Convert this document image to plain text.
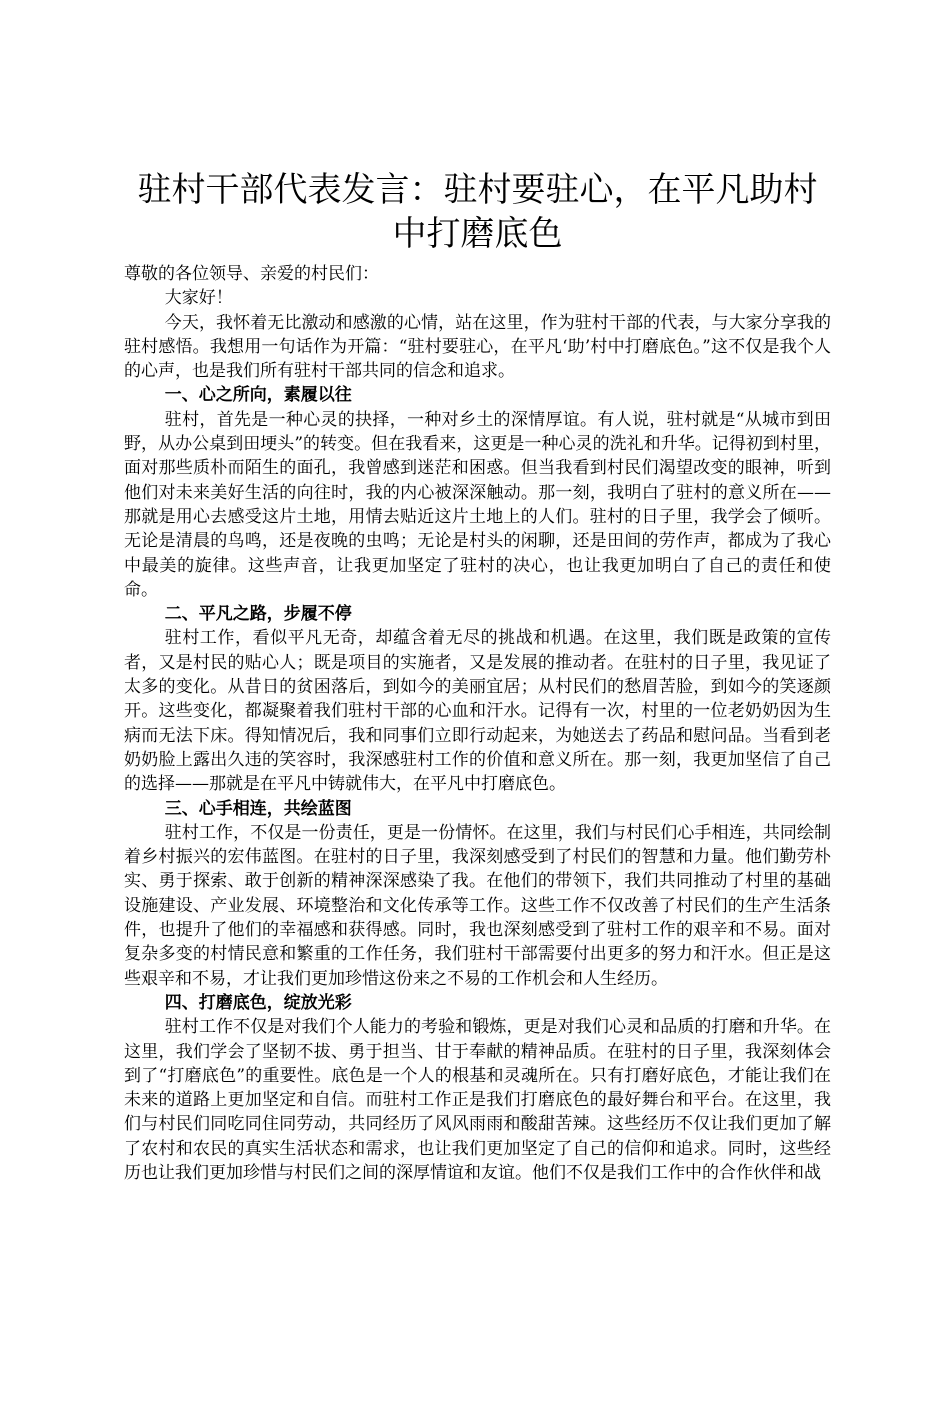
驻村干部代表发言：驻村要驻心，在平凡助村中打磨底色

尊敬的各位领导、亲爱的村民们：

大家好！

今天，我怀着无比激动和感激的心情，站在这里，作为驻村干部的代表，与大家分享我的驻村感悟。我想用一句话作为开篇：“驻村要驻心，在平凡‘助’村中打磨底色。”这不仅是我个人的心声，也是我们所有驻村干部共同的信念和追求。

一、心之所向，素履以往

驻村，首先是一种心灵的抉择，一种对乡土的深情厚谊。有人说，驻村就是“从城市到田野，从办公桌到田埂头”的转变。但在我看来，这更是一种心灵的洗礼和升华。记得初到村里，面对那些质朴而陌生的面孔，我曾感到迷茫和困惑。但当我看到村民们渴望改变的眼神，听到他们对未来美好生活的向往时，我的内心被深深触动。那一刻，我明白了驻村的意义所在——那就是用心去感受这片土地，用情去贴近这片土地上的人们。驻村的日子里，我学会了倾听。无论是清晨的鸟鸣，还是夜晚的虫鸣；无论是村头的闲聊，还是田间的劳作声，都成为了我心中最美的旋律。这些声音，让我更加坚定了驻村的决心，也让我更加明白了自己的责任和使命。

二、平凡之路，步履不停

驻村工作，看似平凡无奇，却蕴含着无尽的挑战和机遇。在这里，我们既是政策的宣传者，又是村民的贴心人；既是项目的实施者，又是发展的推动者。在驻村的日子里，我见证了太多的变化。从昔日的贫困落后，到如今的美丽宜居；从村民们的愁眉苦脸，到如今的笑逐颜开。这些变化，都凝聚着我们驻村干部的心血和汗水。记得有一次，村里的一位老奶奶因为生病而无法下床。得知情况后，我和同事们立即行动起来，为她送去了药品和慰问品。当看到老奶奶脸上露出久违的笑容时，我深感驻村工作的价值和意义所在。那一刻，我更加坚信了自己的选择——那就是在平凡中铸就伟大，在平凡中打磨底色。

三、心手相连，共绘蓝图

驻村工作，不仅是一份责任，更是一份情怀。在这里，我们与村民们心手相连，共同绘制着乡村振兴的宏伟蓝图。在驻村的日子里，我深刻感受到了村民们的智慧和力量。他们勤劳朴实、勇于探索、敢于创新的精神深深感染了我。在他们的带领下，我们共同推动了村里的基础设施建设、产业发展、环境整治和文化传承等工作。这些工作不仅改善了村民们的生产生活条件，也提升了他们的幸福感和获得感。同时，我也深刻感受到了驻村工作的艰辛和不易。面对复杂多变的村情民意和繁重的工作任务，我们驻村干部需要付出更多的努力和汗水。但正是这些艰辛和不易，才让我们更加珍惜这份来之不易的工作机会和人生经历。

四、打磨底色，绽放光彩

驻村工作不仅是对我们个人能力的考验和锻炼，更是对我们心灵和品质的打磨和升华。在这里，我们学会了坚韧不拔、勇于担当、甘于奉献的精神品质。在驻村的日子里，我深刻体会到了“打磨底色”的重要性。底色是一个人的根基和灵魂所在。只有打磨好底色，才能让我们在未来的道路上更加坚定和自信。而驻村工作正是我们打磨底色的最好舞台和平台。在这里，我们与村民们同吃同住同劳动，共同经历了风风雨雨和酸甜苦辣。这些经历不仅让我们更加了解了农村和农民的真实生活状态和需求，也让我们更加坚定了自己的信仰和追求。同时，这些经历也让我们更加珍惜与村民们之间的深厚情谊和友谊。他们不仅是我们工作中的合作伙伴和战
